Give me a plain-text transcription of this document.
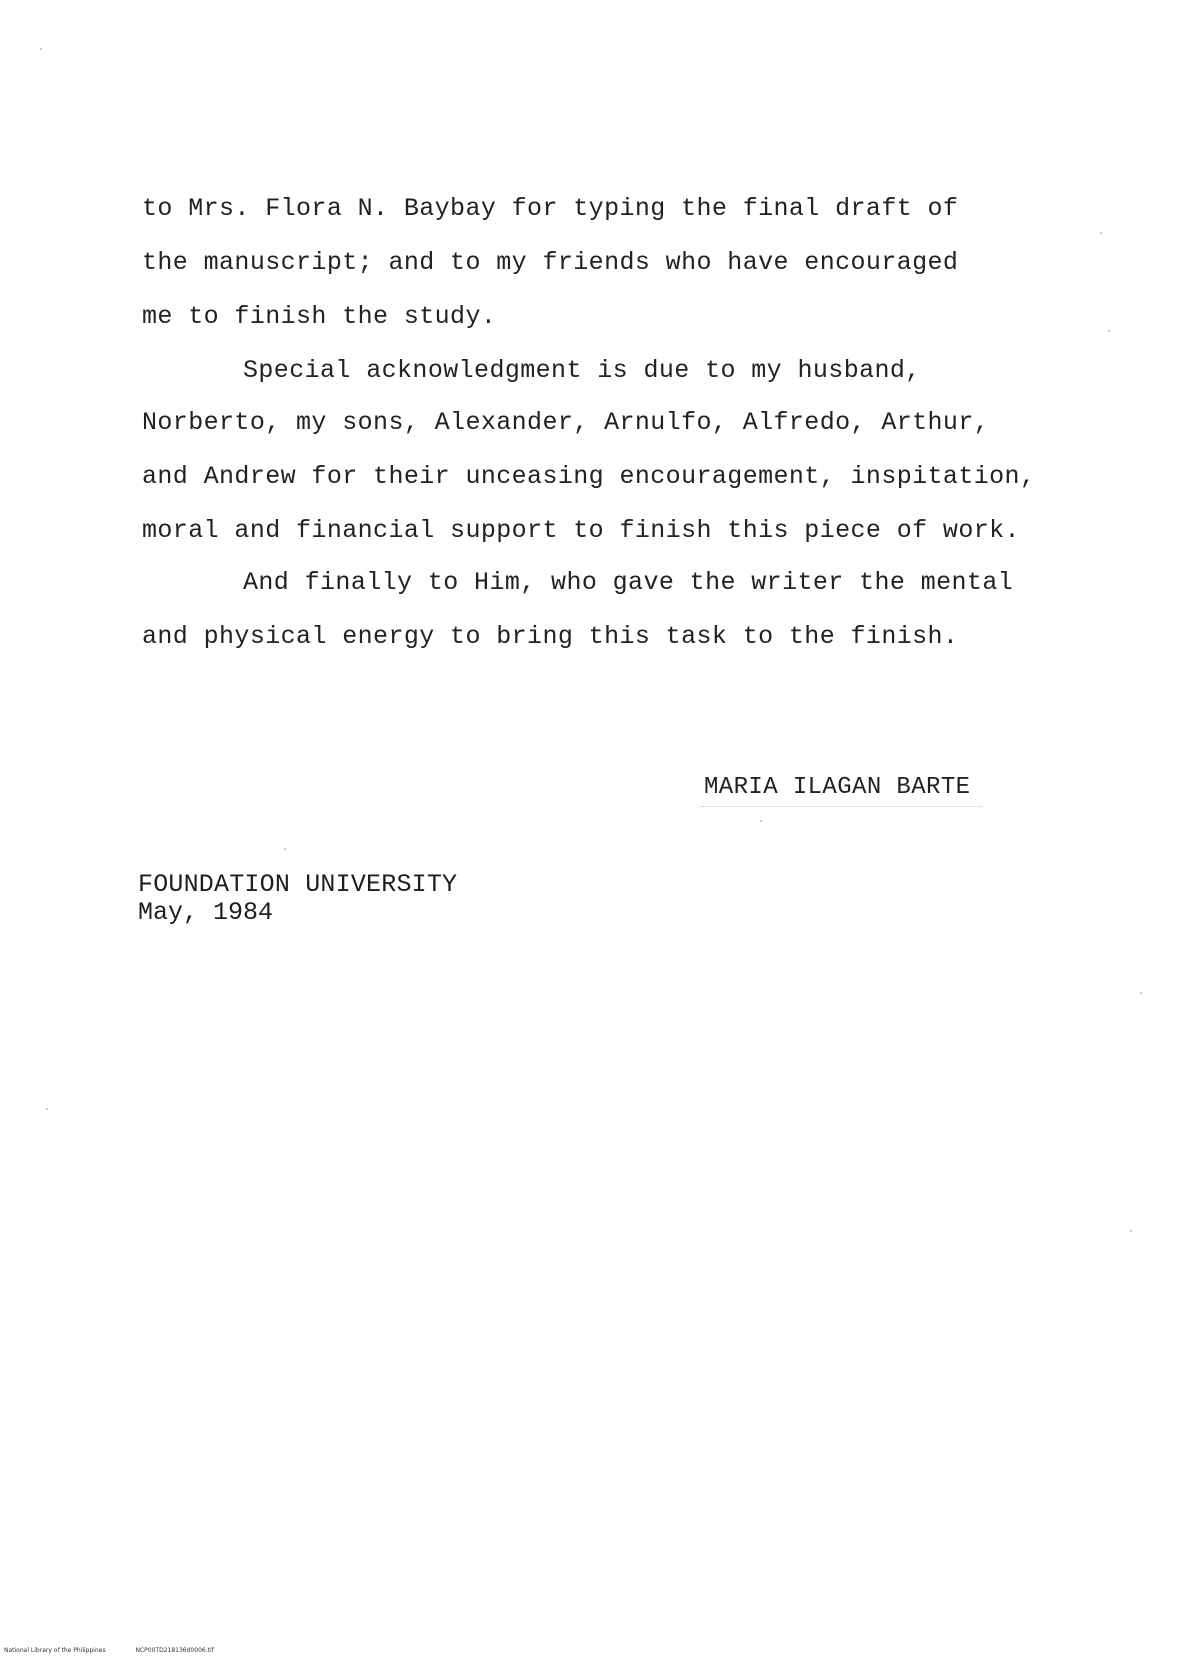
to Mrs. Flora N. Baybay for typing the final draft of
the manuscript; and to my friends who have encouraged
me to finish the study.
Special acknowledgment is due to my husband,
Norberto, my sons, Alexander, Arnulfo, Alfredo, Arthur,
and Andrew for their unceasing encouragement, inspitation,
moral and financial support to finish this piece of work.
And finally to Him, who gave the writer the mental
and physical energy to bring this task to the finish.
MARIA ILAGAN BARTE
FOUNDATION UNIVERSITY
May, 1984
National Library of the Philippines	NCP00TD218136d0006.tif
